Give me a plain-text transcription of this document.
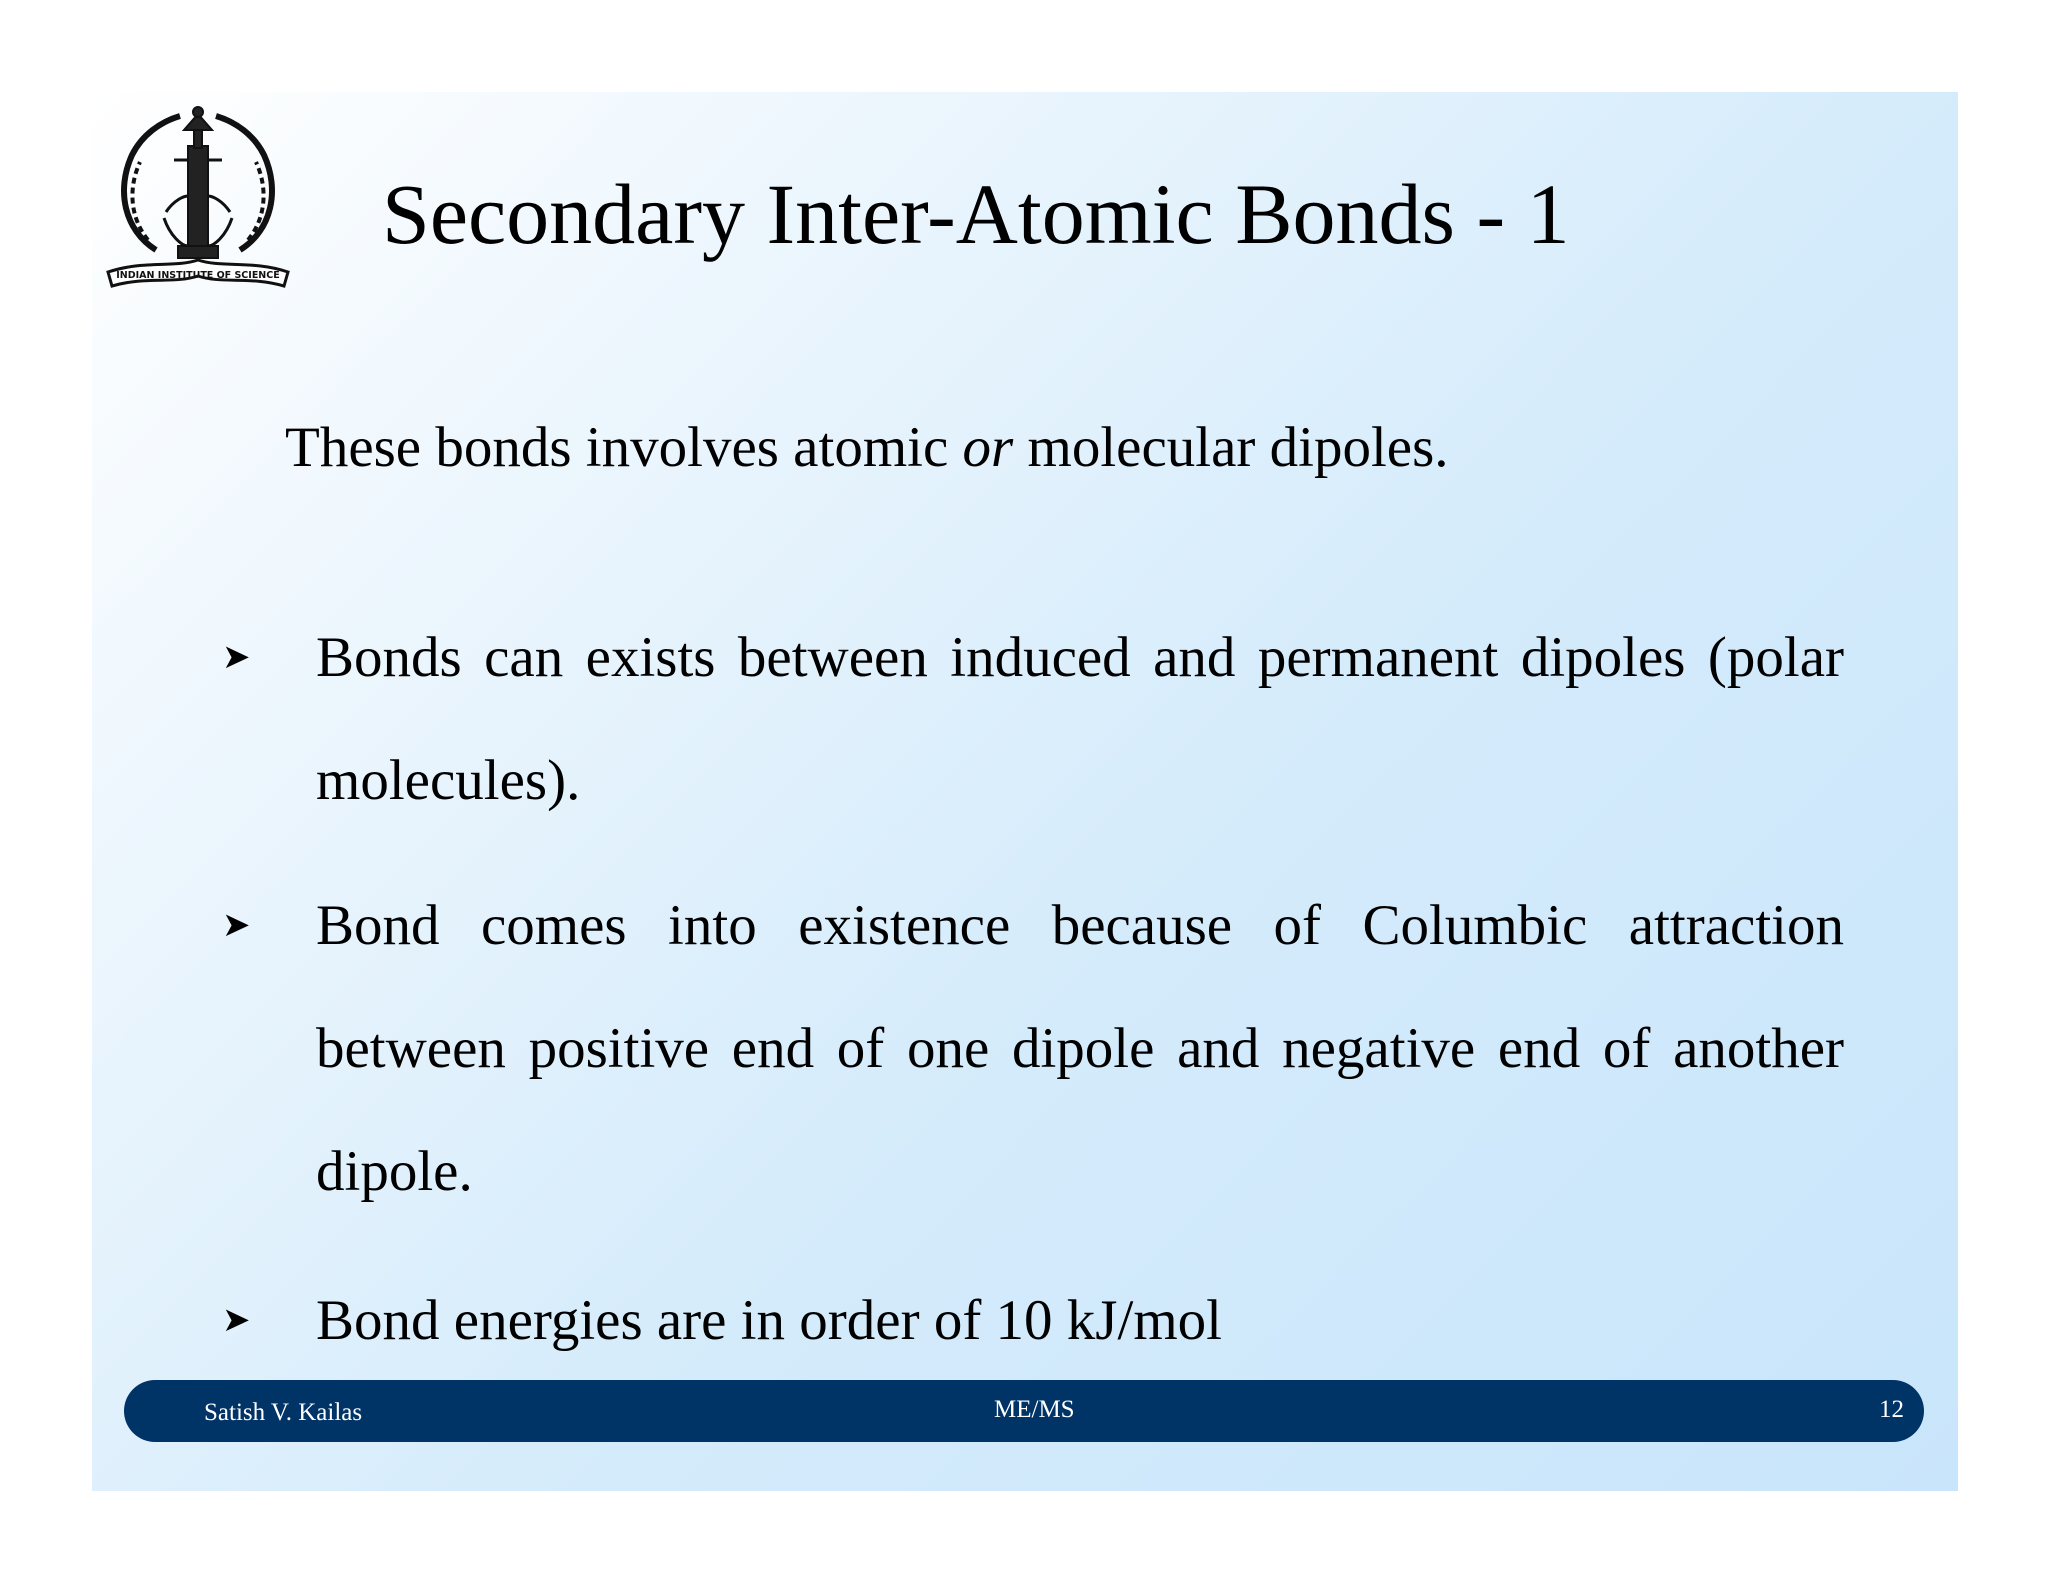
INDIAN INSTITUTE OF SCIENCE
Secondary Inter-Atomic Bonds - 1

These bonds involves atomic or molecular dipoles.

➤	Bonds can exists between induced and permanent dipoles (polar molecules).

➤	Bond comes into existence because of Columbic attraction between positive end of one dipole and negative end of another dipole.

➤	Bond energies are in order of 10 kJ/mol

Satish V. Kailas	ME/MS	12
